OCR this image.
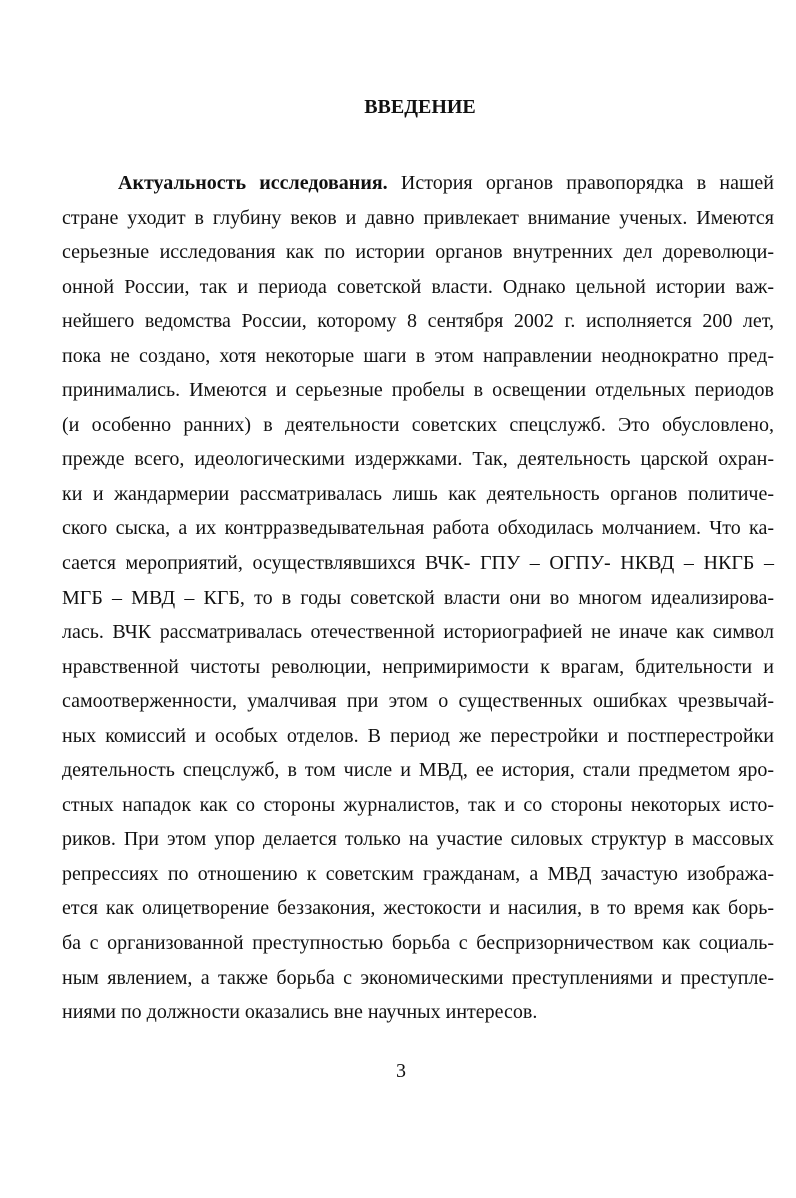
ВВЕДЕНИЕ
Актуальность исследования. История органов правопорядка в нашей
стране уходит в глубину веков и давно привлекает внимание ученых. Имеются
серьезные исследования как по истории органов внутренних дел дореволюци-
онной России, так и периода советской власти. Однако цельной истории важ-
нейшего ведомства России, которому 8 сентября 2002 г. исполняется 200 лет,
пока не создано, хотя некоторые шаги в этом направлении неоднократно пред-
принимались. Имеются и серьезные пробелы в освещении отдельных периодов
(и особенно ранних) в деятельности советских спецслужб. Это обусловлено,
прежде всего, идеологическими издержками. Так, деятельность царской охран-
ки и жандармерии рассматривалась лишь как деятельность органов политиче-
ского сыска, а их контрразведывательная работа обходилась молчанием. Что ка-
сается мероприятий, осуществлявшихся ВЧК- ГПУ – ОГПУ- НКВД – НКГБ –
МГБ – МВД – КГБ, то в годы советской власти они во многом идеализирова-
лась. ВЧК рассматривалась отечественной историографией не иначе как символ
нравственной чистоты революции, непримиримости к врагам, бдительности и
самоотверженности, умалчивая при этом о существенных ошибках чрезвычай-
ных комиссий и особых отделов. В период же перестройки и постперестройки
деятельность спецслужб, в том числе и МВД, ее история, стали предметом яро-
стных нападок как со стороны журналистов, так и со стороны некоторых исто-
риков. При этом упор делается только на участие силовых структур в массовых
репрессиях по отношению к советским гражданам, а МВД зачастую изобража-
ется как олицетворение беззакония, жестокости и насилия, в то время как борь-
ба с организованной преступностью борьба с беспризорничеством как социаль-
ным явлением, а также борьба с экономическими преступлениями и преступле-
ниями по должности оказались вне научных интересов.
3
